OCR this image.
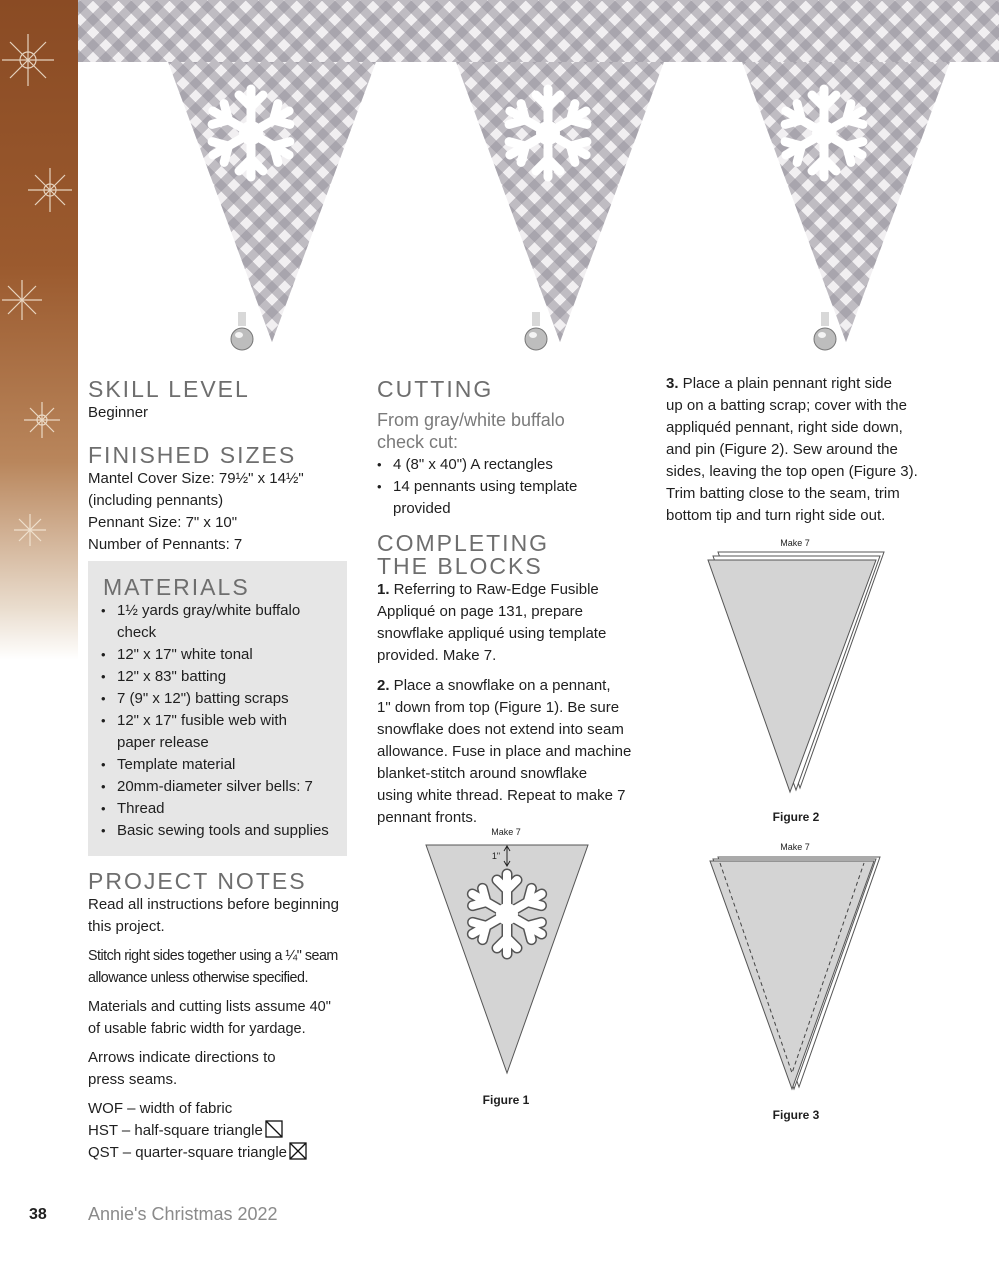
SKILL LEVEL
Beginner
FINISHED SIZES

Mantel Cover Size: 79½" x 14½"

(including pennants)

Pennant Size: 7" x 10"

Number of Pennants: 7

MATERIALS
• 1½ yards gray/white buffalo
check
• 12" x 17" white tonal
• 12" x 83" batting
• 7 (9" x 12") batting scraps
• 12" x 17" fusible web with
paper release
• Template material
• 20mm-diameter silver bells: 7
• Thread
• Basic sewing tools and supplies
PROJECT NOTES

Read all instructions before beginning
this project.

Stitch right sides together using a ¼" seam
allowance unless otherwise specified.

Materials and cutting lists assume 40"
of usable fabric width for yardage.

Arrows indicate directions to
press seams.

WOF – width of fabric

HST – half-square triangle

QST – quarter-square triangle

CUTTING
From gray/white buffalo
check cut:
• 4 (8" x 40") A rectangles
• 14 pennants using template
provided
COMPLETING
THE BLOCKS

1. Referring to Raw-Edge Fusible
Appliqué on page 131, prepare
snowflake appliqué using template
provided. Make 7.

2. Place a snowflake on a pennant,
1" down from top (Figure 1). Be sure
snowflake does not extend into seam
allowance. Fuse in place and machine
blanket-stitch around snowflake
using white thread. Repeat to make 7
pennant fronts.

Make 7
1"
Figure 1

3. Place a plain pennant right side
up on a batting scrap; cover with the
appliquéd pennant, right side down,
and pin (Figure 2). Sew around the
sides, leaving the top open (Figure 3).
Trim batting close to the seam, trim
bottom tip and turn right side out.

Make 7
Figure 2
Make 7
Figure 3
38 Annie's Christmas 2022
